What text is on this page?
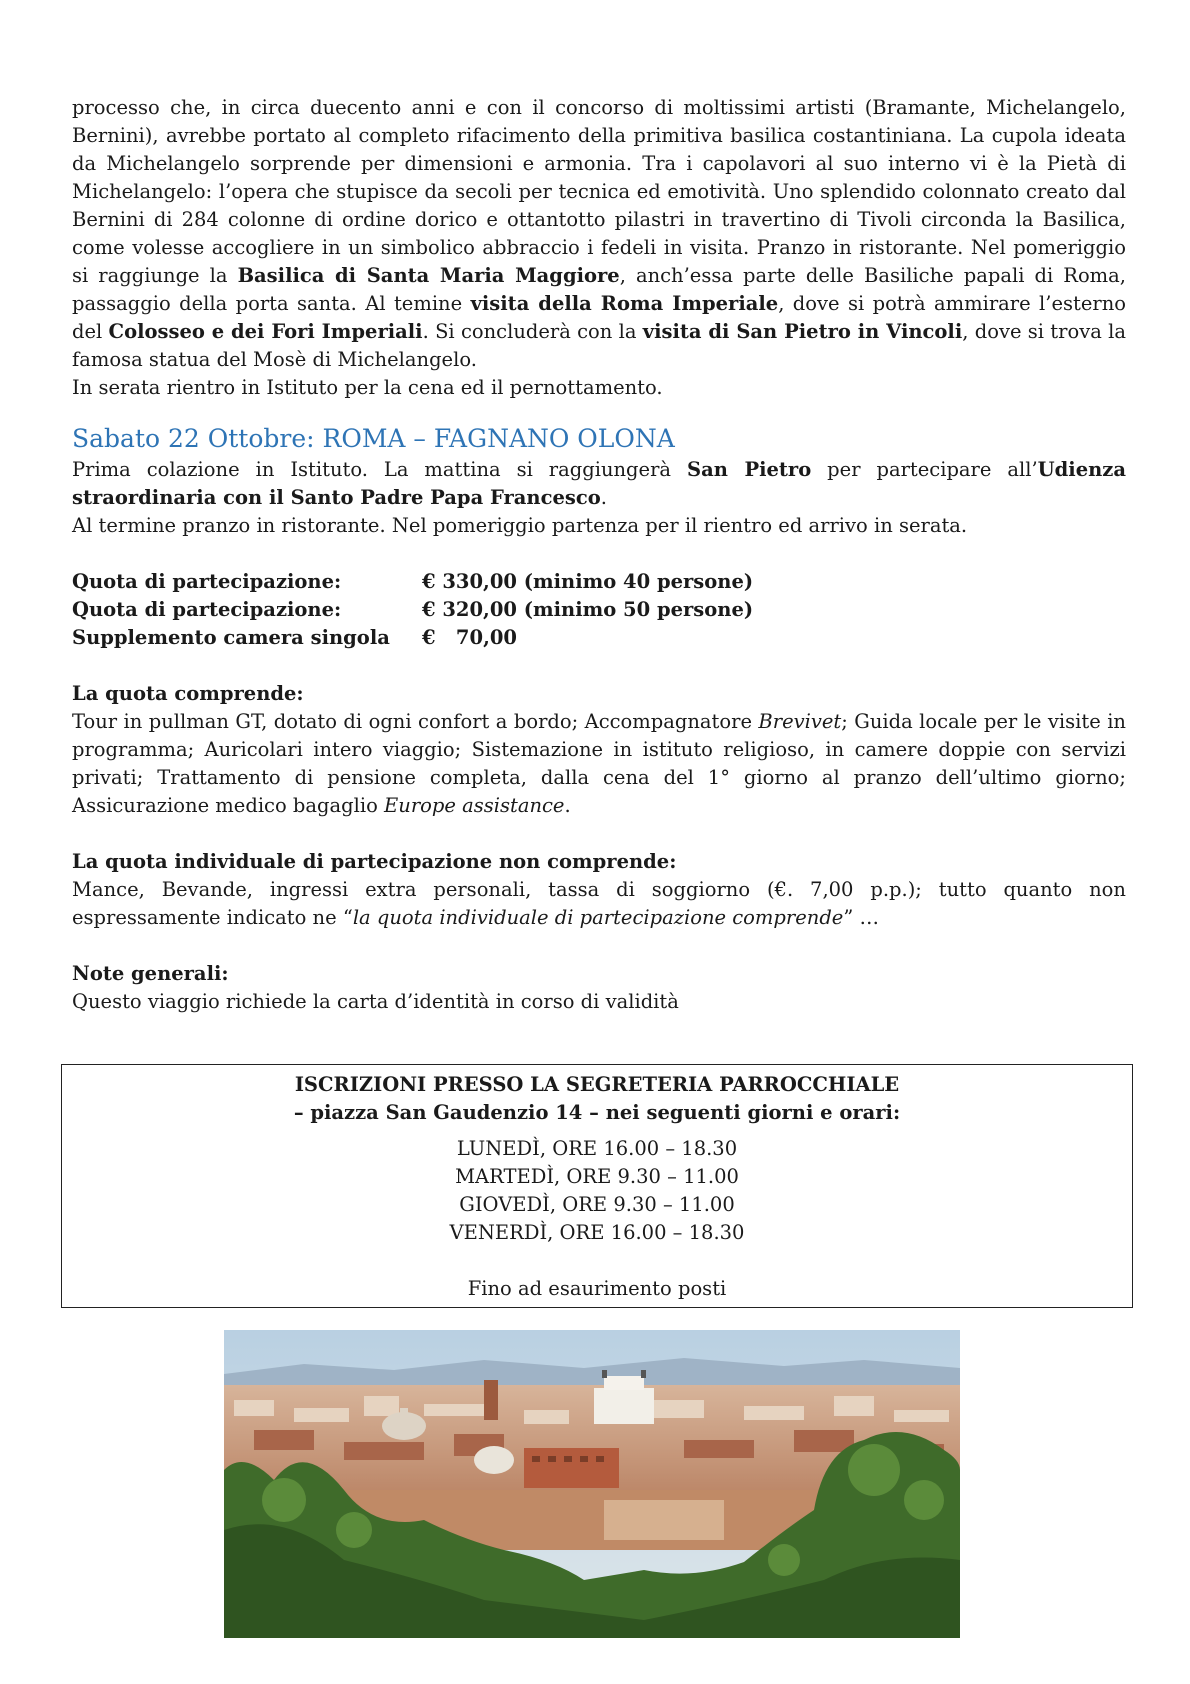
processo che, in circa duecento anni e con il concorso di moltissimi artisti (Bramante, Michelangelo, Bernini), avrebbe portato al completo rifacimento della primitiva basilica costantiniana. La cupola ideata da Michelangelo sorprende per dimensioni e armonia. Tra i capolavori al suo interno vi è la Pietà di Michelangelo: l’opera che stupisce da secoli per tecnica ed emotività. Uno splendido colonnato creato dal Bernini di 284 colonne di ordine dorico e ottantotto pilastri in travertino di Tivoli circonda la Basilica, come volesse accogliere in un simbolico abbraccio i fedeli in visita. Pranzo in ristorante. Nel pomeriggio si raggiunge la Basilica di Santa Maria Maggiore, anch’essa parte delle Basiliche papali di Roma, passaggio della porta santa. Al temine visita della Roma Imperiale, dove si potrà ammirare l’esterno del Colosseo e dei Fori Imperiali. Si concluderà con la visita di San Pietro in Vincoli, dove si trova la famosa statua del Mosè di Michelangelo.

In serata rientro in Istituto per la cena ed il pernottamento.

Sabato 22 Ottobre: ROMA – FAGNANO OLONA

Prima colazione in Istituto. La mattina si raggiungerà San Pietro per partecipare all’Udienza straordinaria con il Santo Padre Papa Francesco.

Al termine pranzo in ristorante. Nel pomeriggio partenza per il rientro ed arrivo in serata.

Quota di partecipazione:	€ 330,00 (minimo 40 persone)
Quota di partecipazione:	€ 320,00 (minimo 50 persone)
Supplemento camera singola	€   70,00

La quota comprende:

Tour in pullman GT, dotato di ogni confort a bordo; Accompagnatore Brevivet; Guida locale per le visite in programma; Auricolari intero viaggio; Sistemazione in istituto religioso, in camere doppie con servizi privati; Trattamento di pensione completa, dalla cena del 1° giorno al pranzo dell’ultimo giorno; Assicurazione medico bagaglio Europe assistance.

La quota individuale di partecipazione non comprende:

Mance, Bevande, ingressi extra personali, tassa di soggiorno (€. 7,00 p.p.); tutto quanto non espressamente indicato ne “la quota individuale di partecipazione comprende” …

Note generali:

Questo viaggio richiede la carta d’identità in corso di validità

ISCRIZIONI PRESSO LA SEGRETERIA PARROCCHIALE
– piazza San Gaudenzio 14 – nei seguenti giorni e orari:
LUNEDÌ, ORE 16.00 – 18.30
MARTEDÌ, ORE 9.30 – 11.00
GIOVEDÌ, ORE 9.30 – 11.00
VENERDÌ, ORE 16.00 – 18.30
Fino ad esaurimento posti
